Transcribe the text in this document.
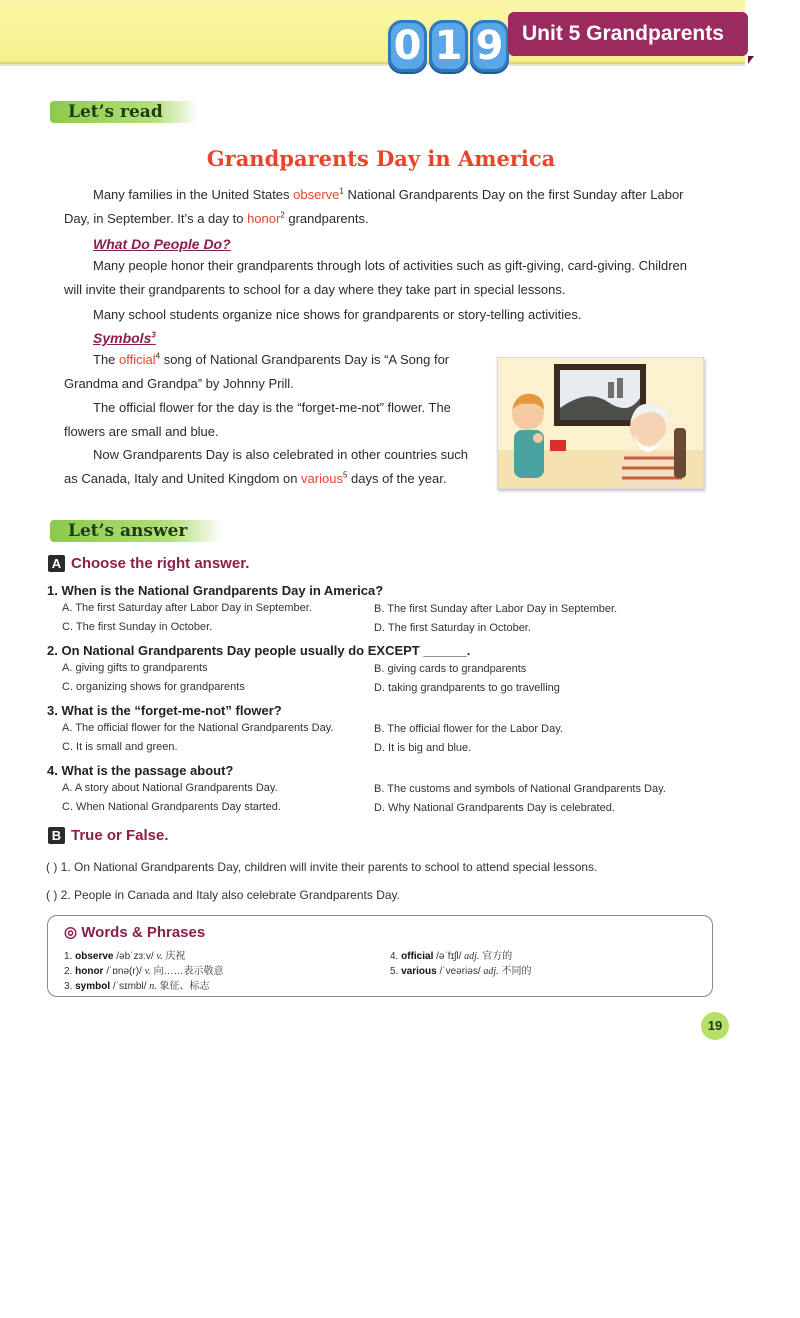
0 1 9 Unit 5 Grandparents
Let’s read
Grandparents Day in America
Many families in the United States observe$^1$ National Grandparents Day on the first Sunday after Labor
Day, in September. It’s a day to honor$^2$ grandparents.
What Do People Do?
Many people honor their grandparents through lots of activities such as gift-giving, card-giving. Children
will invite their grandparents to school for a day where they take part in special lessons.
Many school students organize nice shows for grandparents or story-telling activities.
Symbols$^3$
The official$^4$ song of National Grandparents Day is “A Song for
Grandma and Grandpa” by Johnny Prill.
The official flower for the day is the “forget-me-not” flower. The
flowers are small and blue.
Now Grandparents Day is also celebrated in other countries such
as Canada, Italy and United Kingdom on various$^5$ days of the year.
Let’s answer
A Choose the right answer.
1. When is the National Grandparents Day in America?
A. The first Saturday after Labor Day in September.	B. The first Sunday after Labor Day in September.
C. The first Sunday in October.	D. The first Saturday in October.
2. On National Grandparents Day people usually do EXCEPT ______.
A. giving gifts to grandparents	B. giving cards to grandparents
C. organizing shows for grandparents	D. taking grandparents to go travelling
3. What is the “forget-me-not” flower?
A. The official flower for the National Grandparents Day.	B. The official flower for the Labor Day.
C. It is small and green.	D. It is big and blue.
4. What is the passage about?
A. A story about National Grandparents Day.	B. The customs and symbols of National Grandparents Day.
C. When National Grandparents Day started.	D. Why National Grandparents Day is celebrated.
B True or False.
( ) 1. On National Grandparents Day, children will invite their parents to school to attend special lessons.
( ) 2. People in Canada and Italy also celebrate Grandparents Day.
◎ Words & Phrases
1. observe /əbˈzɜːv/ v. 庆祝
2. honor /ˈɒnə(r)/ v. 向……表示敬意
3. symbol /ˈsɪmbl/ n. 象征、标志
4. official /əˈfɪʃl/ adj. 官方的
5. various /ˈveəriəs/ adj. 不同的
19
